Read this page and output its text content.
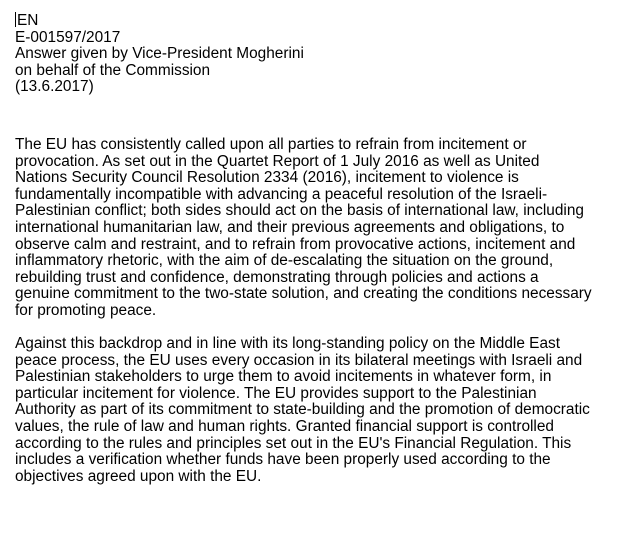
EN
E-001597/2017
Answer given by Vice-President Mogherini
on behalf of the Commission
(13.6.2017)

The EU has consistently called upon all parties to refrain from incitement or
provocation. As set out in the Quartet Report of 1 July 2016 as well as United
Nations Security Council Resolution 2334 (2016), incitement to violence is
fundamentally incompatible with advancing a peaceful resolution of the Israeli-
Palestinian conflict; both sides should act on the basis of international law, including
international humanitarian law, and their previous agreements and obligations, to
observe calm and restraint, and to refrain from provocative actions, incitement and
inflammatory rhetoric, with the aim of de-escalating the situation on the ground,
rebuilding trust and confidence, demonstrating through policies and actions a
genuine commitment to the two-state solution, and creating the conditions necessary
for promoting peace.

Against this backdrop and in line with its long-standing policy on the Middle East
peace process, the EU uses every occasion in its bilateral meetings with Israeli and
Palestinian stakeholders to urge them to avoid incitements in whatever form, in
particular incitement for violence. The EU provides support to the Palestinian
Authority as part of its commitment to state-building and the promotion of democratic
values, the rule of law and human rights. Granted financial support is controlled
according to the rules and principles set out in the EU's Financial Regulation. This
includes a verification whether funds have been properly used according to the
objectives agreed upon with the EU.
